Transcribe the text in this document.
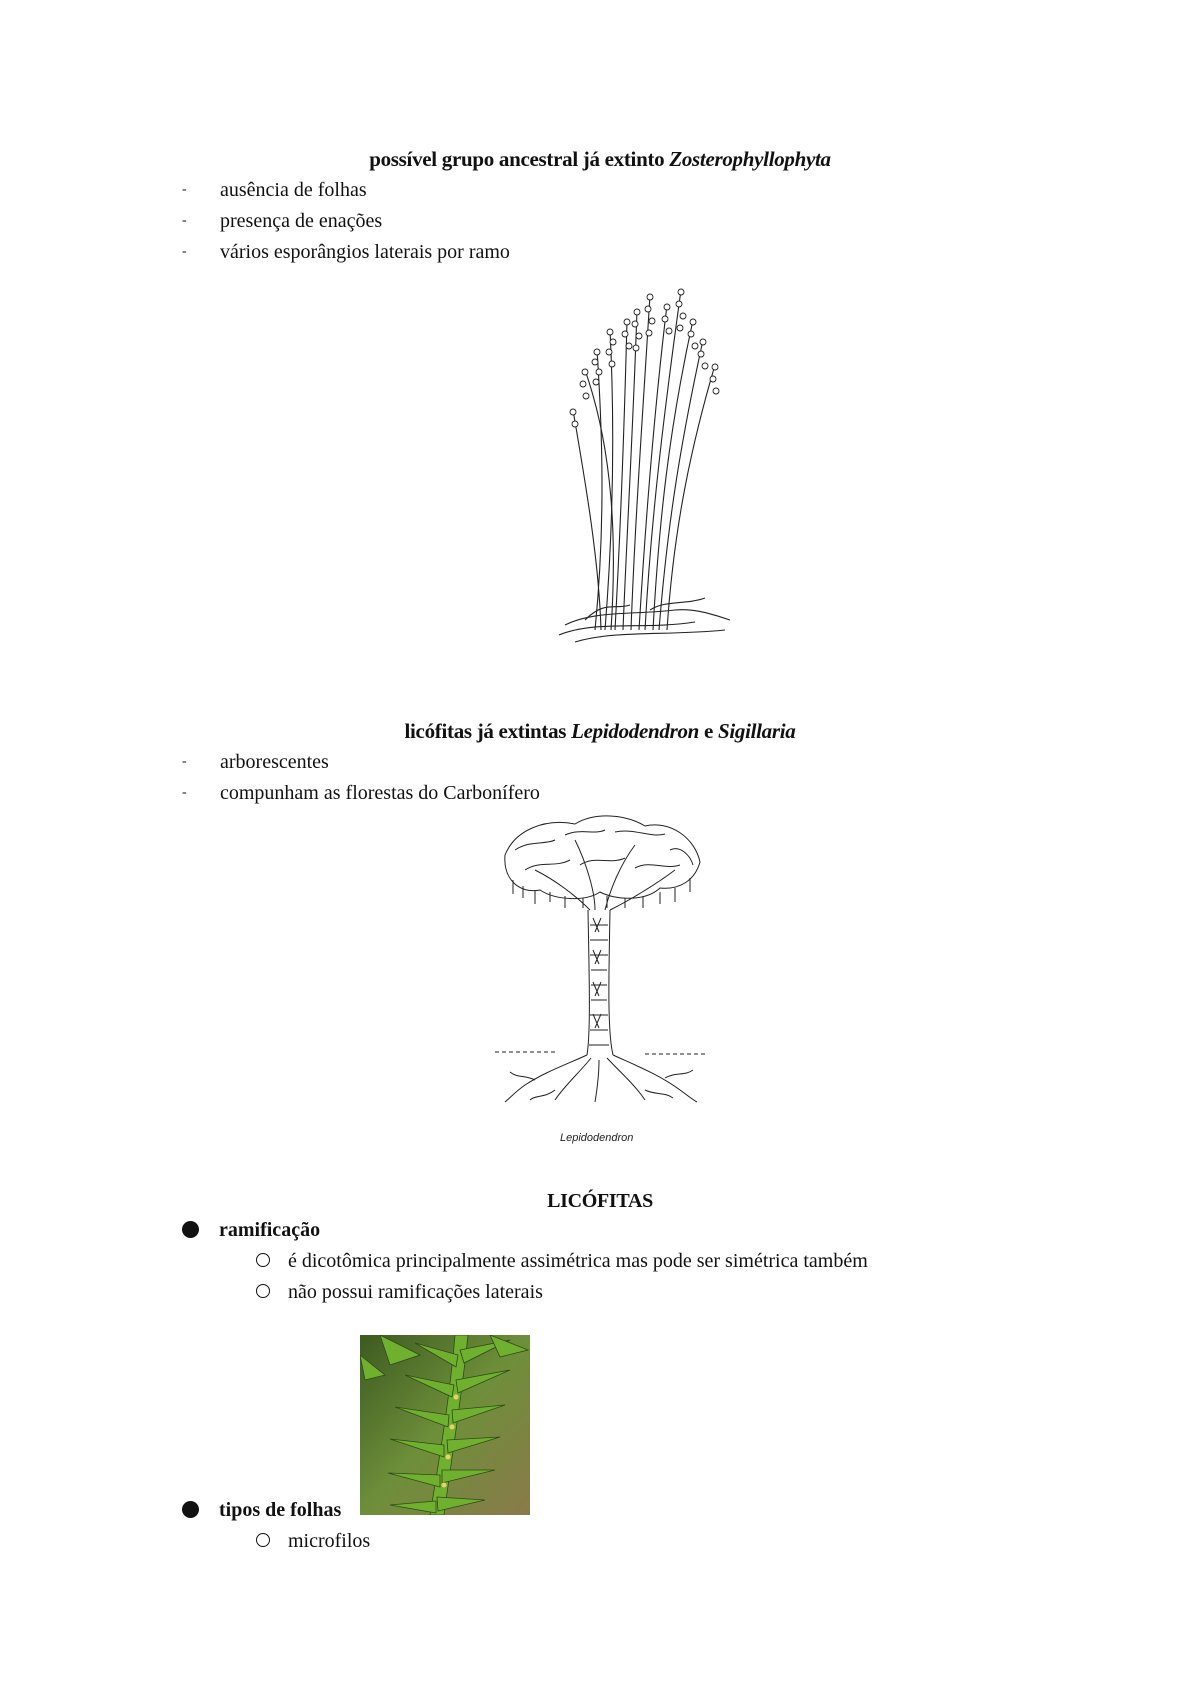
possível grupo ancestral já extinto Zosterophyllophyta
- ausência de folhas
- presença de enações
- vários esporângios laterais por ramo
licófitas já extintas Lepidodendron e Sigillaria
- arborescentes
- compunham as florestas do Carbonífero
Lepidodendron
LICÓFITAS
ramificação
é dicotômica principalmente assimétrica mas pode ser simétrica também
não possui ramificações laterais
tipos de folhas
microfilos
